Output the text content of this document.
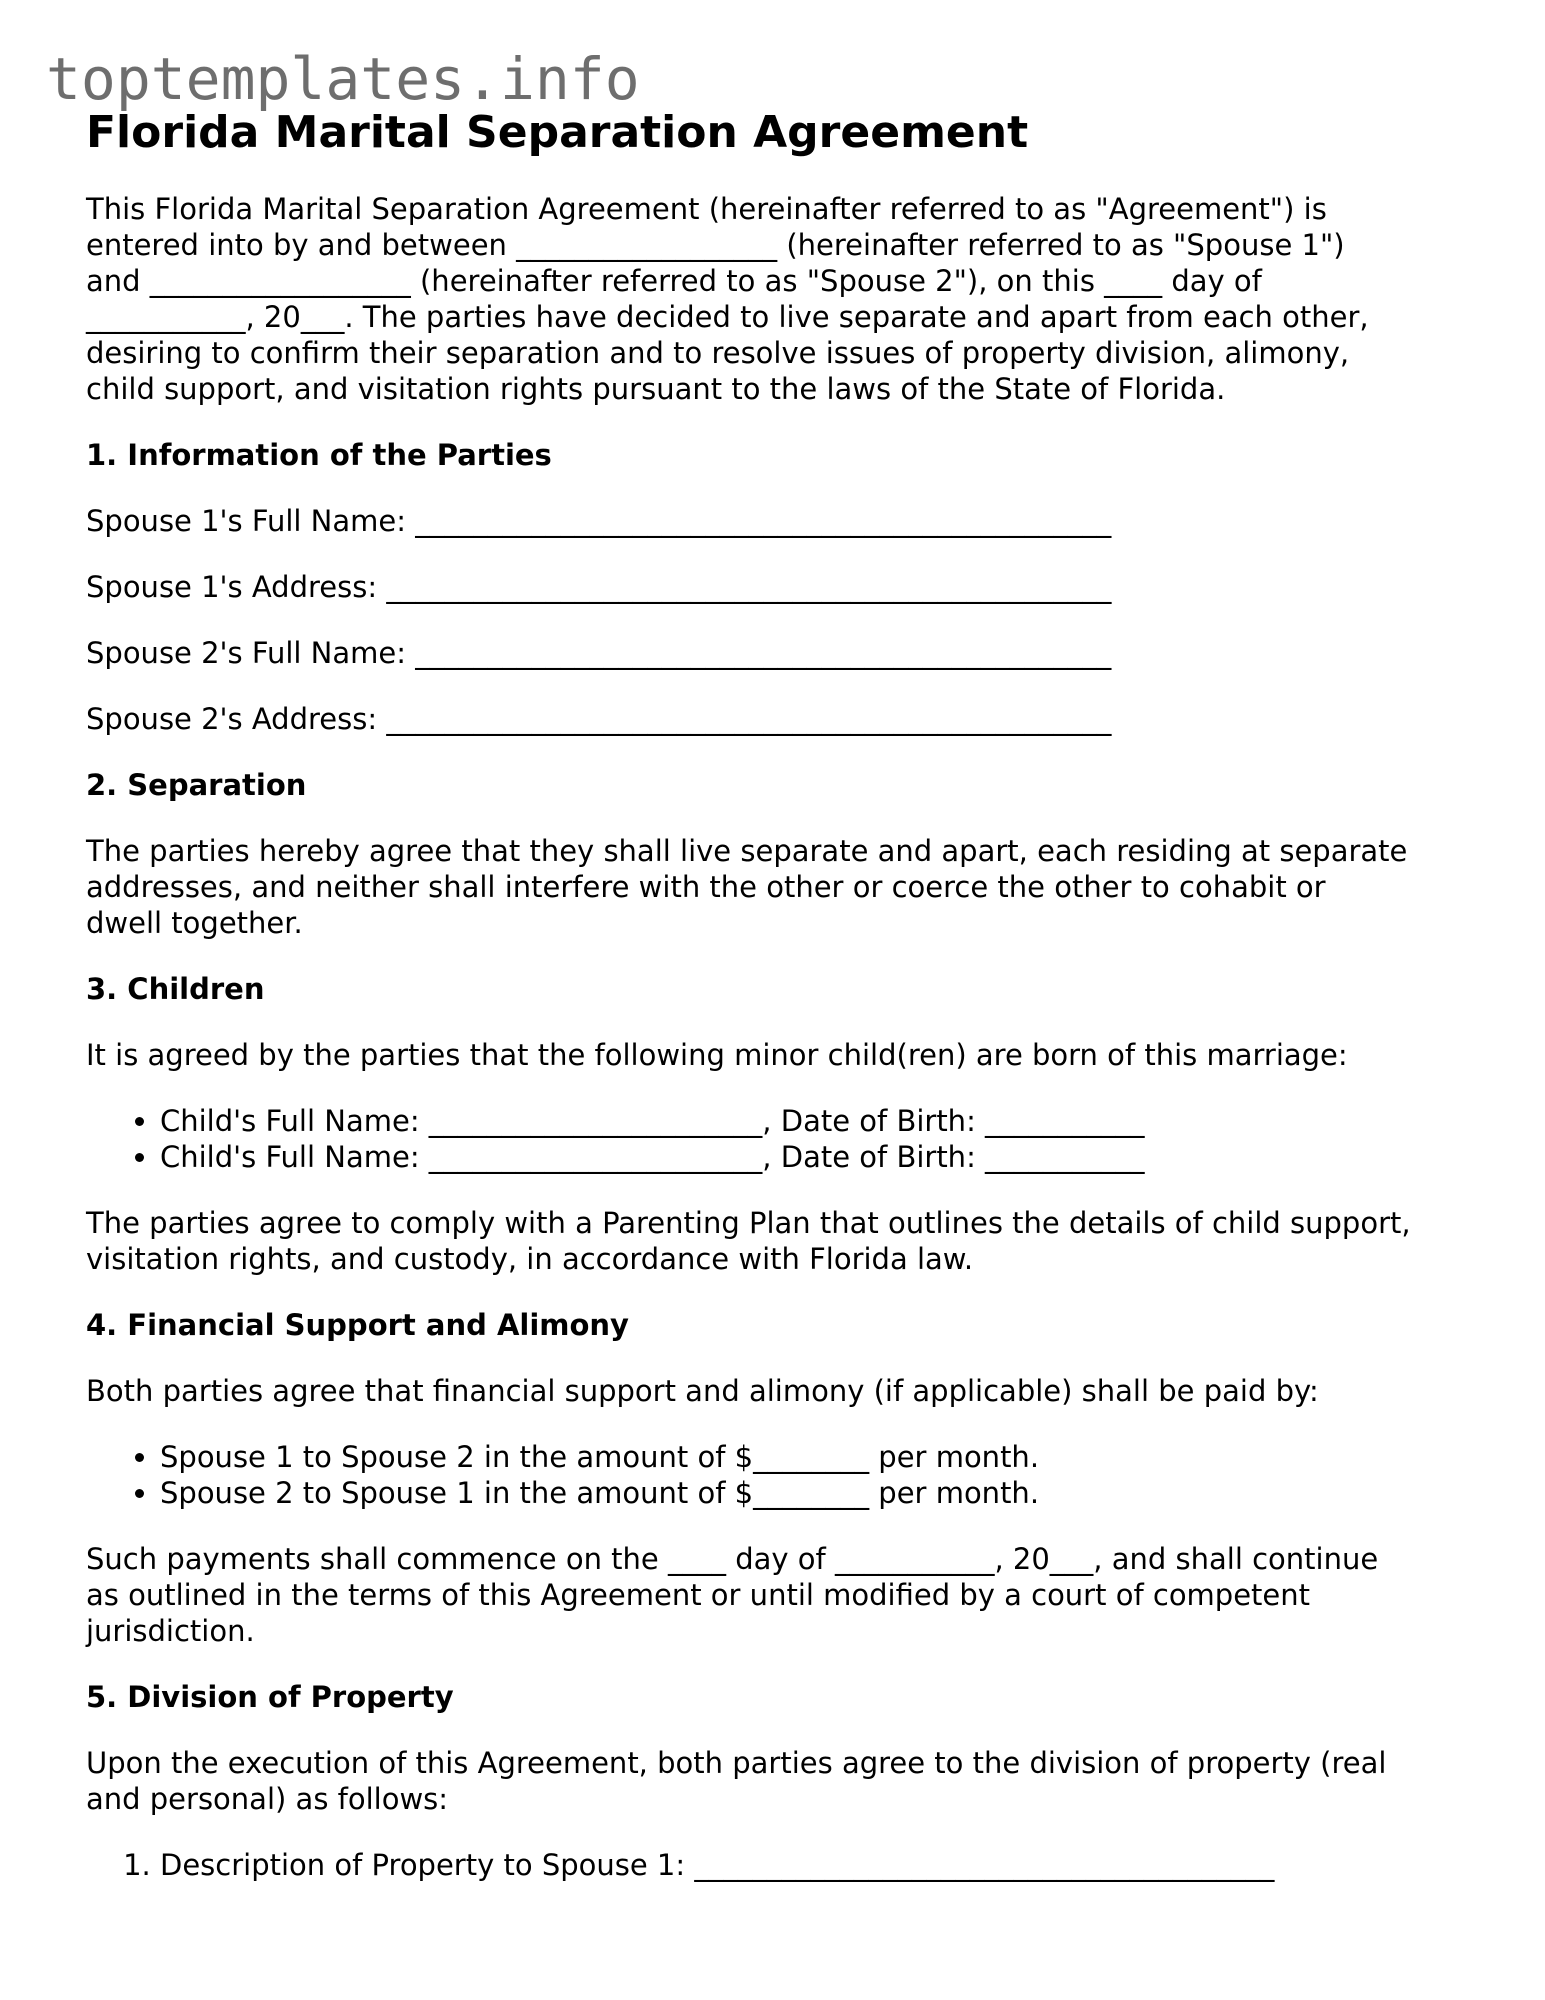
toptemplates.info
Florida Marital Separation Agreement

This Florida Marital Separation Agreement (hereinafter referred to as "Agreement") is
entered into by and between __________________ (hereinafter referred to as "Spouse 1")
and __________________ (hereinafter referred to as "Spouse 2"), on this ____ day of
___________, 20___. The parties have decided to live separate and apart from each other,
desiring to confirm their separation and to resolve issues of property division, alimony,
child support, and visitation rights pursuant to the laws of the State of Florida.

1. Information of the Parties
Spouse 1's Full Name: ________________________________________________
Spouse 1's Address: __________________________________________________
Spouse 2's Full Name: ________________________________________________
Spouse 2's Address: __________________________________________________
2. Separation

The parties hereby agree that they shall live separate and apart, each residing at separate
addresses, and neither shall interfere with the other or coerce the other to cohabit or
dwell together.

3. Children

It is agreed by the parties that the following minor child(ren) are born of this marriage:

• Child's Full Name: _______________________, Date of Birth: ___________
• Child's Full Name: _______________________, Date of Birth: ___________

The parties agree to comply with a Parenting Plan that outlines the details of child support,
visitation rights, and custody, in accordance with Florida law.

4. Financial Support and Alimony

Both parties agree that financial support and alimony (if applicable) shall be paid by:

• Spouse 1 to Spouse 2 in the amount of $________ per month.
• Spouse 2 to Spouse 1 in the amount of $________ per month.

Such payments shall commence on the ____ day of ___________, 20___, and shall continue
as outlined in the terms of this Agreement or until modified by a court of competent
jurisdiction.

5. Division of Property

Upon the execution of this Agreement, both parties agree to the division of property (real
and personal) as follows:

1. Description of Property to Spouse 1: ________________________________________
